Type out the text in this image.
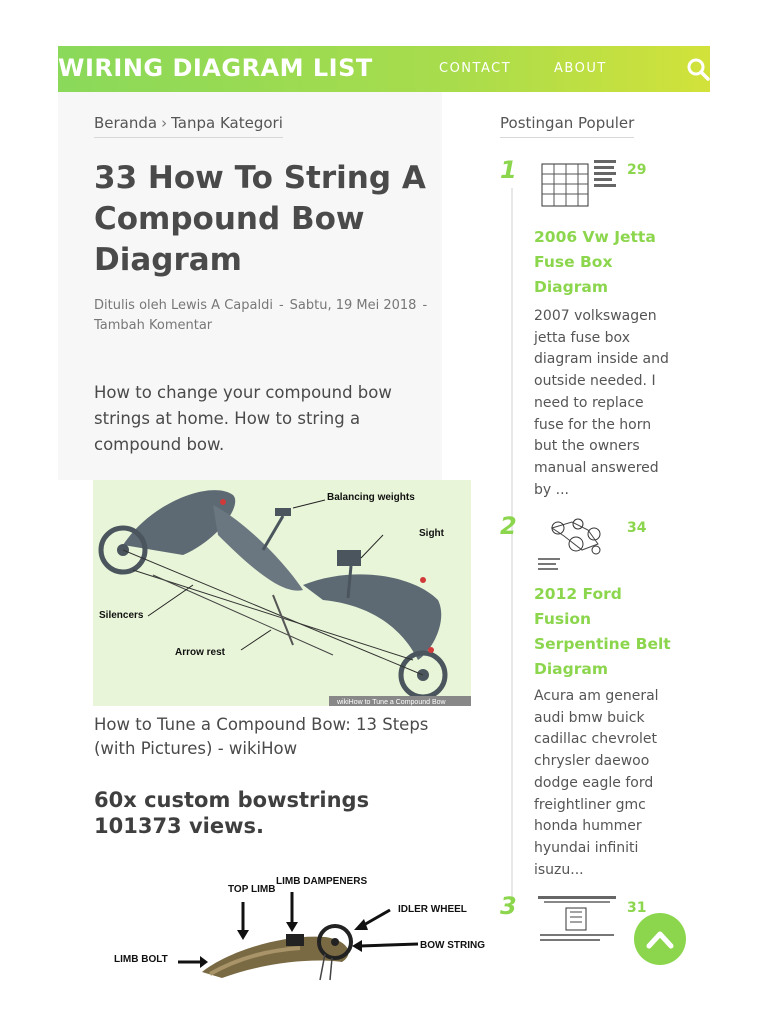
WIRING DIAGRAM LIST	CONTACT	ABOUT
Beranda › Tanpa Kategori
33 How To String A Compound Bow Diagram
Ditulis oleh Lewis A Capaldi - Sabtu, 19 Mei 2018 -
Tambah Komentar

How to change your compound bow strings at home. How to string a compound bow.

Balancing weights
Sight
Silencers
Arrow rest
wikiHow to Tune a Compound Bow

How to Tune a Compound Bow: 13 Steps (with Pictures) - wikiHow

60x custom bowstrings 101373 views.
TOP LIMB
LIMB DAMPENERS
IDLER WHEEL
BOW STRING
LIMB BOLT
Postingan Populer
1	29
2006 Vw Jetta Fuse Box Diagram

2007 volkswagen jetta fuse box diagram inside and outside needed. I need to replace fuse for the horn but the owners manual answered by ...

2	34
2012 Ford Fusion Serpentine Belt Diagram

Acura am general audi bmw buick cadillac chevrolet chrysler daewoo dodge eagle ford freightliner gmc honda hummer hyundai infiniti isuzu...

3	31
